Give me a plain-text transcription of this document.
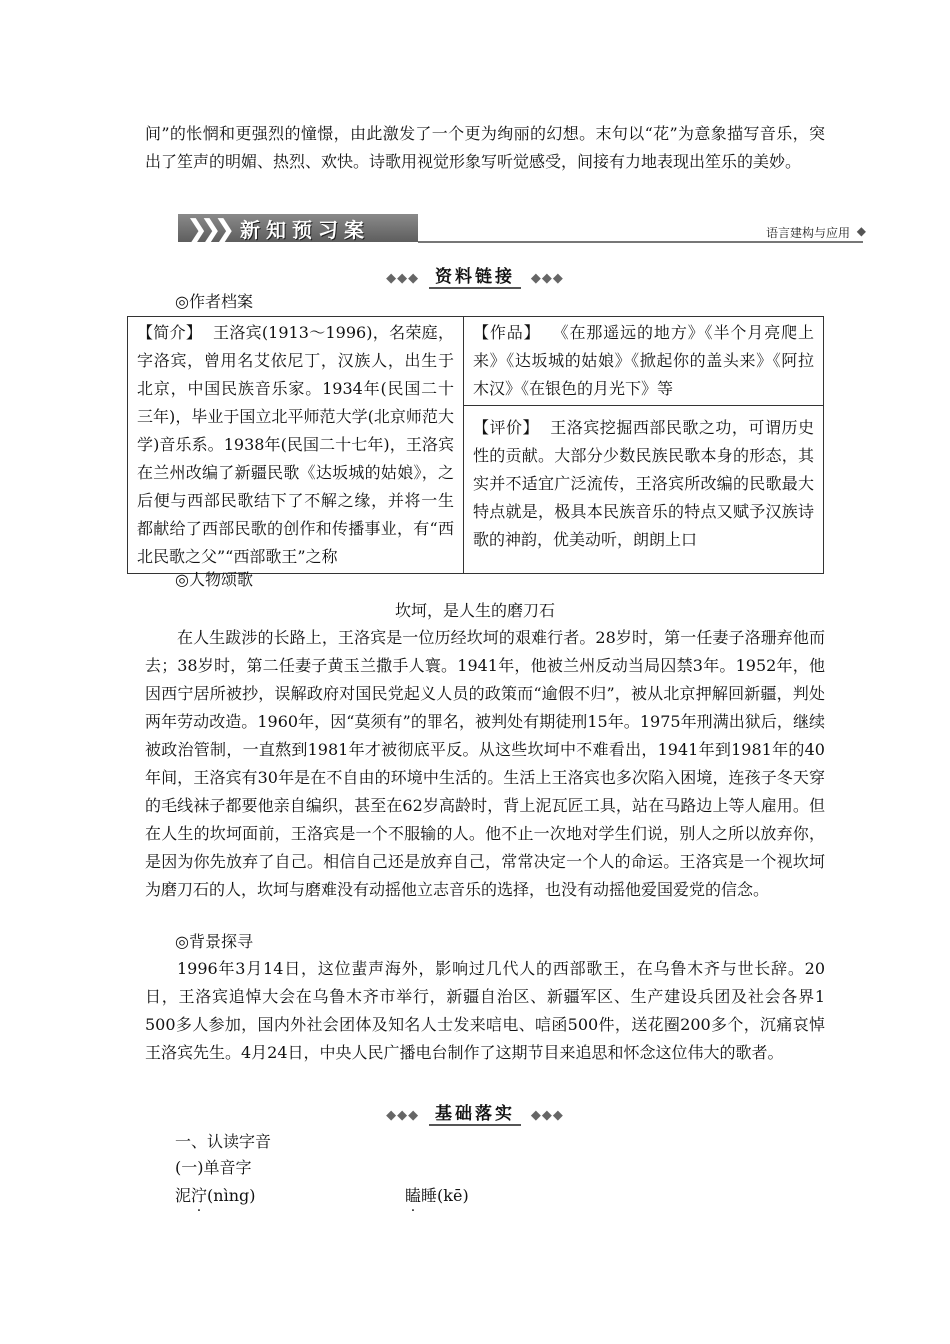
间”的怅惘和更强烈的憧憬，由此激发了一个更为绚丽的幻想。末句以“花”为意象描写音乐，突出了笙声的明媚、热烈、欢快。诗歌用视觉形象写听觉感受，间接有力地表现出笙乐的美妙。
❯❯❯ 新知预习案	语言建构与应用 ◆
◆◆◆ 资料链接 ◆◆◆
◎作者档案
【简介】 王洛宾(1913～1996)，名荣庭，字洛宾，曾用名艾依尼丁，汉族人，出生于北京，中国民族音乐家。1934年(民国二十三年)，毕业于国立北平师范大学(北京师范大学)音乐系。1938年(民国二十七年)，王洛宾在兰州改编了新疆民歌《达坂城的姑娘》，之后便与西部民歌结下了不解之缘，并将一生都献给了西部民歌的创作和传播事业，有“西北民歌之父”“西部歌王”之称	【作品】 《在那遥远的地方》《半个月亮爬上来》《达坂城的姑娘》《掀起你的盖头来》《阿拉木汉》《在银色的月光下》等
【评价】 王洛宾挖掘西部民歌之功，可谓历史性的贡献。大部分少数民族民歌本身的形态，其实并不适宜广泛流传，王洛宾所改编的民歌最大特点就是，极具本民族音乐的特点又赋予汉族诗歌的神韵，优美动听，朗朗上口
◎人物颂歌
坎坷，是人生的磨刀石
在人生跋涉的长路上，王洛宾是一位历经坎坷的艰难行者。28岁时，第一任妻子洛珊弃他而去；38岁时，第二任妻子黄玉兰撒手人寰。1941年，他被兰州反动当局囚禁3年。1952年，他因西宁居所被抄，误解政府对国民党起义人员的政策而“逾假不归”，被从北京押解回新疆，判处两年劳动改造。1960年，因“莫须有”的罪名，被判处有期徒刑15年。1975年刑满出狱后，继续被政治管制，一直熬到1981年才被彻底平反。从这些坎坷中不难看出，1941年到1981年的40年间，王洛宾有30年是在不自由的环境中生活的。生活上王洛宾也多次陷入困境，连孩子冬天穿的毛线袜子都要他亲自编织，甚至在62岁高龄时，背上泥瓦匠工具，站在马路边上等人雇用。但在人生的坎坷面前，王洛宾是一个不服输的人。他不止一次地对学生们说，别人之所以放弃你，是因为你先放弃了自己。相信自己还是放弃自己，常常决定一个人的命运。王洛宾是一个视坎坷为磨刀石的人，坎坷与磨难没有动摇他立志音乐的选择，也没有动摇他爱国爱党的信念。
◎背景探寻
1996年3月14日，这位蜚声海外，影响过几代人的西部歌王，在乌鲁木齐与世长辞。20日，王洛宾追悼大会在乌鲁木齐市举行，新疆自治区、新疆军区、生产建设兵团及社会各界1 500多人参加，国内外社会团体及知名人士发来唁电、唁函500件，送花圈200多个，沉痛哀悼王洛宾先生。4月24日，中央人民广播电台制作了这期节目来追思和怀念这位伟大的歌者。
◆◆◆ 基础落实 ◆◆◆
一、认读字音
(一)单音字
泥泞(nìng)	瞌睡(kē)
